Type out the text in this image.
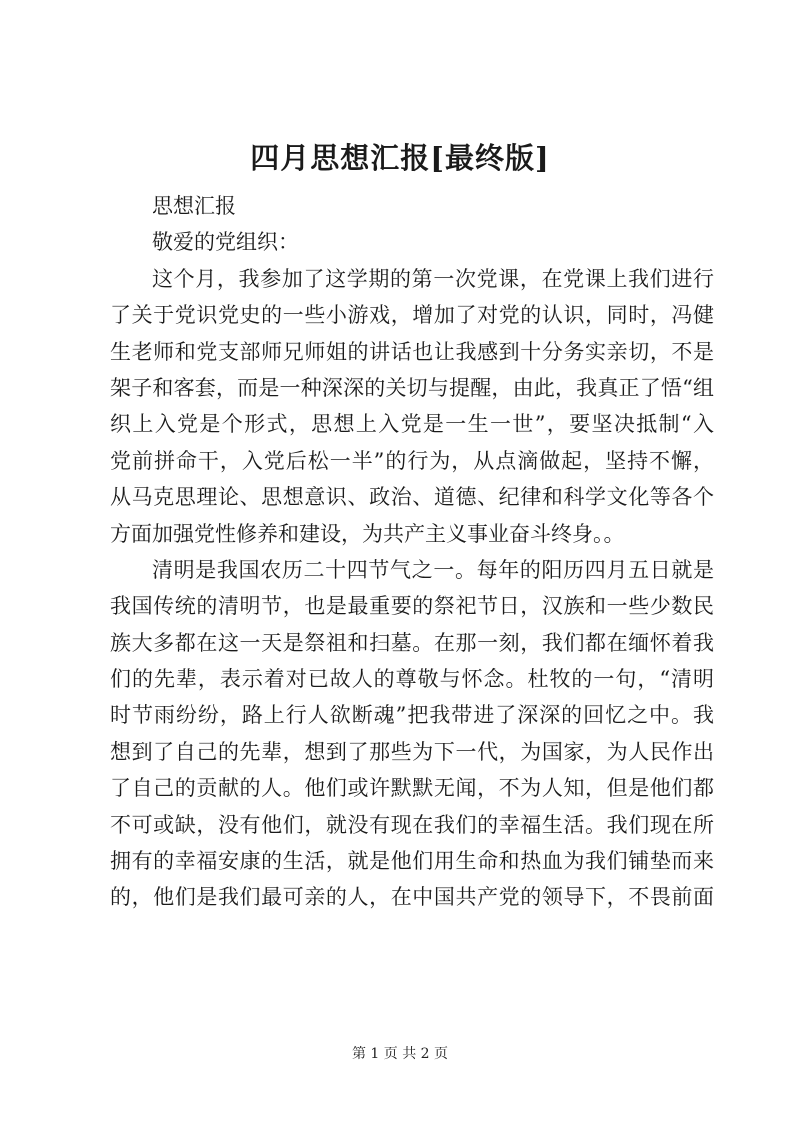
四月思想汇报[最终版]
思想汇报
敬爱的党组织：
这个月，我参加了这学期的第一次党课，在党课上我们进行
了关于党识党史的一些小游戏，增加了对党的认识，同时，冯健
生老师和党支部师兄师姐的讲话也让我感到十分务实亲切，不是
架子和客套，而是一种深深的关切与提醒，由此，我真正了悟“组
织上入党是个形式，思想上入党是一生一世”，要坚决抵制“入
党前拼命干，入党后松一半”的行为，从点滴做起，坚持不懈，
从马克思理论、思想意识、政治、道德、纪律和科学文化等各个
方面加强党性修养和建设，为共产主义事业奋斗终身。。
清明是我国农历二十四节气之一。每年的阳历四月五日就是
我国传统的清明节，也是最重要的祭祀节日，汉族和一些少数民
族大多都在这一天是祭祖和扫墓。在那一刻，我们都在缅怀着我
们的先辈，表示着对已故人的尊敬与怀念。杜牧的一句，“清明
时节雨纷纷，路上行人欲断魂”把我带进了深深的回忆之中。我
想到了自己的先辈，想到了那些为下一代，为国家，为人民作出
了自己的贡献的人。他们或许默默无闻，不为人知，但是他们都
不可或缺，没有他们，就没有现在我们的幸福生活。我们现在所
拥有的幸福安康的生活，就是他们用生命和热血为我们铺垫而来
的，他们是我们最可亲的人，在中国共产党的领导下，不畏前面
第 1 页 共 2 页
